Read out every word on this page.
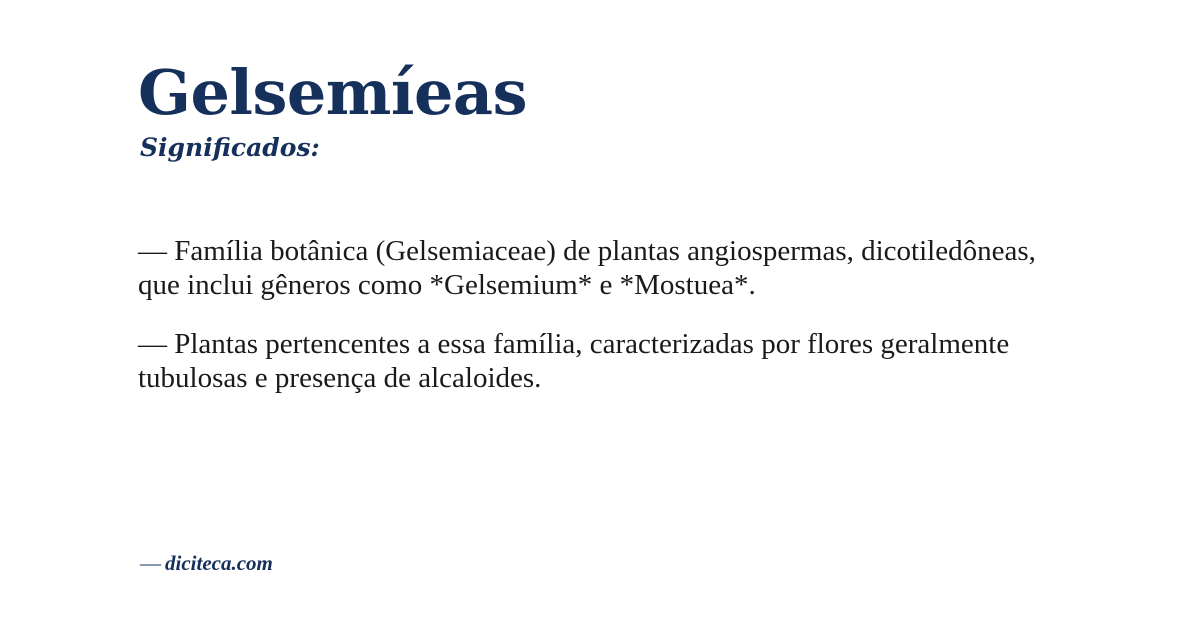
Gelsemíeas
Significados:

— Família botânica (Gelsemiaceae) de plantas angiospermas, dicotiledôneas, que inclui gêneros como *Gelsemium* e *Mostuea*.

— Plantas pertencentes a essa família, caracterizadas por flores geralmente tubulosas e presença de alcaloides.

— diciteca.com
